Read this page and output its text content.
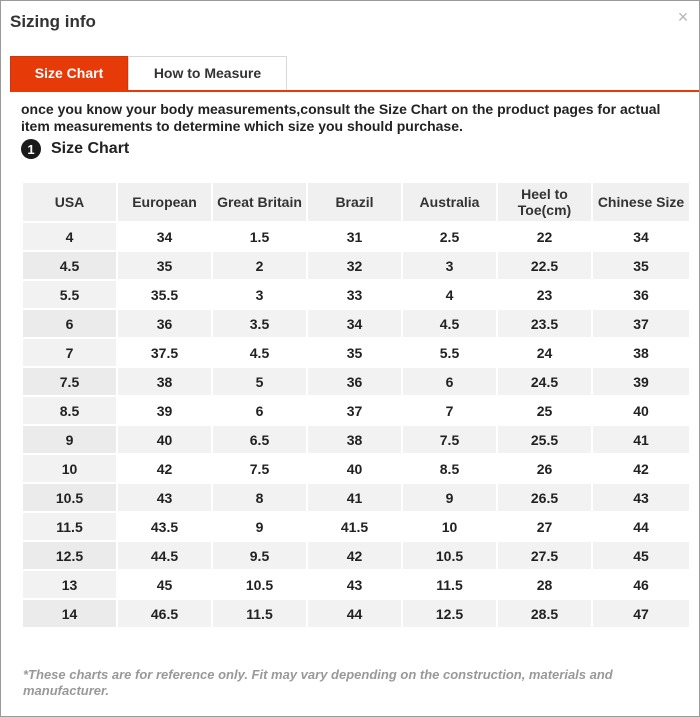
Sizing info	×
Size Chart	How to Measure
once you know your body measurements,consult the Size Chart on the product pages for actual item measurements to determine which size you should purchase.
1	Size Chart
USA	European	Great Britain	Brazil	Australia	Heel to Toe(cm)	Chinese Size
4	34	1.5	31	2.5	22	34
4.5	35	2	32	3	22.5	35
5.5	35.5	3	33	4	23	36
6	36	3.5	34	4.5	23.5	37
7	37.5	4.5	35	5.5	24	38
7.5	38	5	36	6	24.5	39
8.5	39	6	37	7	25	40
9	40	6.5	38	7.5	25.5	41
10	42	7.5	40	8.5	26	42
10.5	43	8	41	9	26.5	43
11.5	43.5	9	41.5	10	27	44
12.5	44.5	9.5	42	10.5	27.5	45
13	45	10.5	43	11.5	28	46
14	46.5	11.5	44	12.5	28.5	47
*These charts are for reference only. Fit may vary depending on the construction, materials and manufacturer.
